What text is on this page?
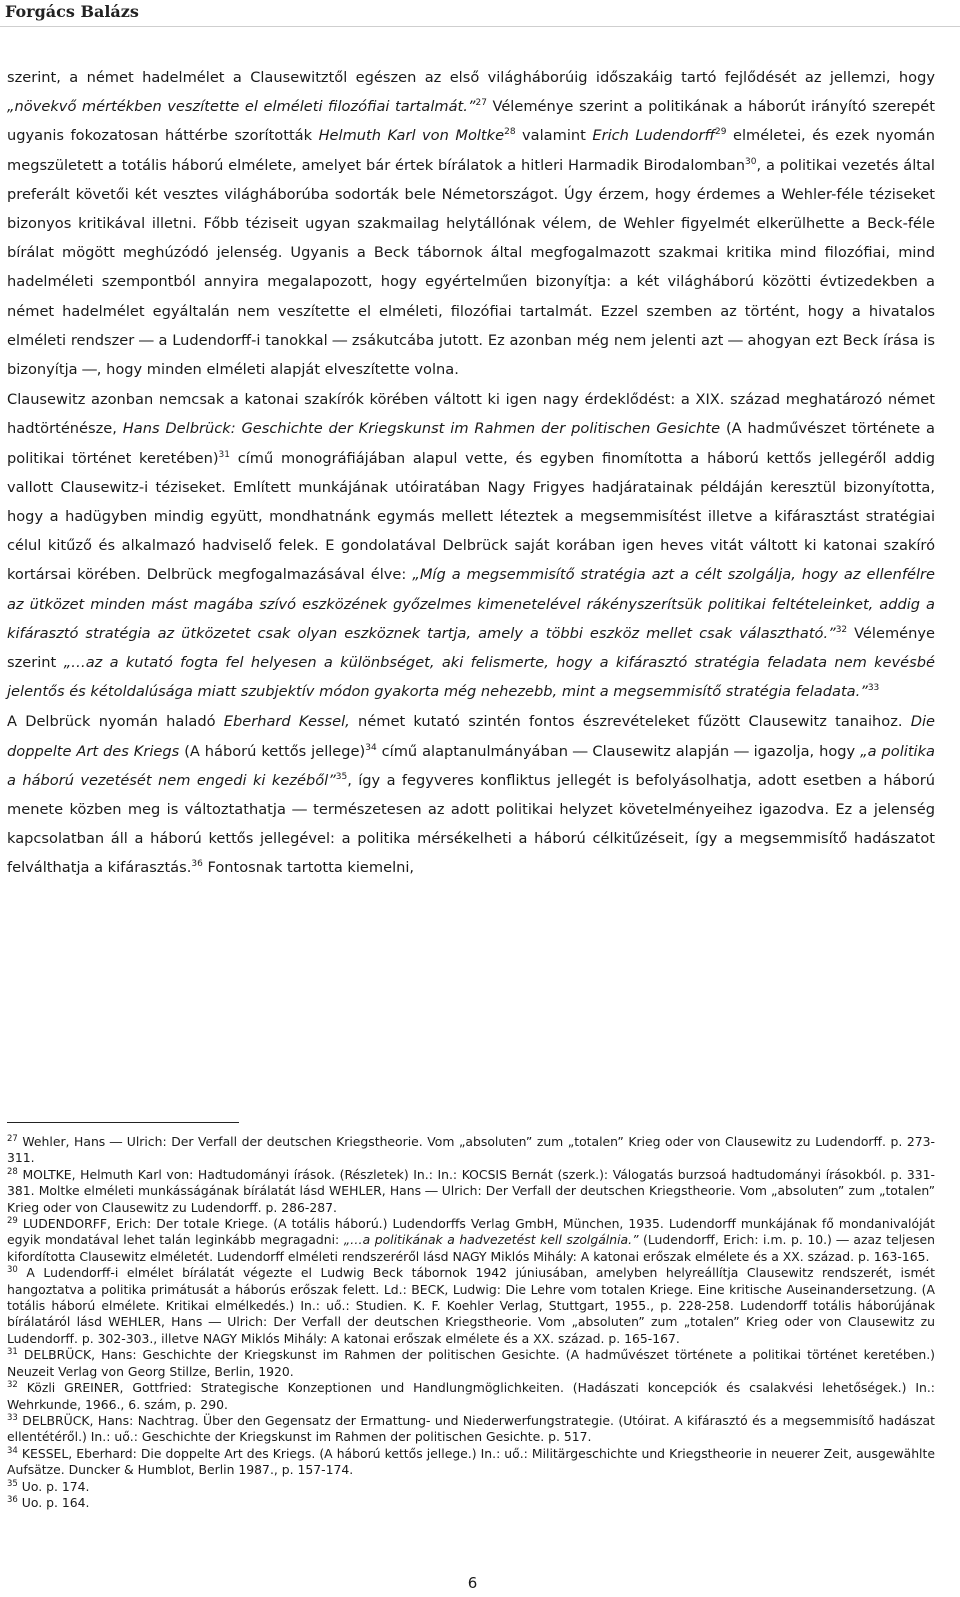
Forgács Balázs

szerint, a német hadelmélet a Clausewitztől egészen az első világháborúig időszakáig tartó fejlődését az jellemzi, hogy „növekvő mértékben veszítette el elméleti filozófiai tartalmát.”$^{27}$ Véleménye szerint a politikának a háborút irányító szerepét ugyanis fokozatosan háttérbe szorították Helmuth Karl von Moltke$^{28}$ valamint Erich Ludendorff$^{29}$ elméletei, és ezek nyomán megszületett a totális háború elmélete, amelyet bár értek bírálatok a hitleri Harmadik Birodalomban$^{30}$, a politikai vezetés által preferált követői két vesztes világháborúba sodorták bele Németországot. Úgy érzem, hogy érdemes a Wehler-féle téziseket bizonyos kritikával illetni. Főbb téziseit ugyan szakmailag helytállónak vélem, de Wehler figyelmét elkerülhette a Beck-féle bírálat mögött meghúzódó jelenség. Ugyanis a Beck tábornok által megfogalmazott szakmai kritika mind filozófiai, mind hadelméleti szempontból annyira megalapozott, hogy egyértelműen bizonyítja: a két világháború közötti évtizedekben a német hadelmélet egyáltalán nem veszítette el elméleti, filozófiai tartalmát. Ezzel szemben az történt, hogy a hivatalos elméleti rendszer ― a Ludendorff-i tanokkal ― zsákutcába jutott. Ez azonban még nem jelenti azt ― ahogyan ezt Beck írása is bizonyítja ―, hogy minden elméleti alapját elveszítette volna.

Clausewitz azonban nemcsak a katonai szakírók körében váltott ki igen nagy érdeklődést: a XIX. század meghatározó német hadtörténésze, Hans Delbrück: Geschichte der Kriegskunst im Rahmen der politischen Gesichte (A hadművészet története a politikai történet keretében)$^{31}$ című monográfiájában alapul vette, és egyben finomította a háború kettős jellegéről addig vallott Clausewitz-i téziseket. Említett munkájának utóiratában Nagy Frigyes hadjáratainak példáján keresztül bizonyította, hogy a hadügyben mindig együtt, mondhatnánk egymás mellett léteztek a megsemmisítést illetve a kifárasztást stratégiai célul kitűző és alkalmazó hadviselő felek. E gondolatával Delbrück saját korában igen heves vitát váltott ki katonai szakíró kortársai körében. Delbrück megfogalmazásával élve: „Míg a megsemmisítő stratégia azt a célt szolgálja, hogy az ellenfélre az ütközet minden mást magába szívó eszközének győzelmes kimenetelével rákényszerítsük politikai feltételeinket, addig a kifárasztó stratégia az ütközetet csak olyan eszköznek tartja, amely a többi eszköz mellet csak választható.”$^{32}$ Véleménye szerint „…az a kutató fogta fel helyesen a különbséget, aki felismerte, hogy a kifárasztó stratégia feladata nem kevésbé jelentős és kétoldalúsága miatt szubjektív módon gyakorta még nehezebb, mint a megsemmisítő stratégia feladata.”$^{33}$

A Delbrück nyomán haladó Eberhard Kessel, német kutató szintén fontos észrevételeket fűzött Clausewitz tanaihoz. Die doppelte Art des Kriegs (A háború kettős jellege)$^{34}$ című alaptanulmányában ― Clausewitz alapján ― igazolja, hogy „a politika a háború vezetését nem engedi ki kezéből”$^{35}$, így a fegyveres konfliktus jellegét is befolyásolhatja, adott esetben a háború menete közben meg is változtathatja ― természetesen az adott politikai helyzet követelményeihez igazodva. Ez a jelenség kapcsolatban áll a háború kettős jellegével: a politika mérsékelheti a háború célkitűzéseit, így a megsemmisítő hadászatot felválthatja a kifárasztás.$^{36}$ Fontosnak tartotta kiemelni,

$^{27}$ Wehler, Hans ― Ulrich: Der Verfall der deutschen Kriegstheorie. Vom „absoluten” zum „totalen” Krieg oder von Clausewitz zu Ludendorff. p. 273-311.
$^{28}$ MOLTKE, Helmuth Karl von: Hadtudományi írások. (Részletek) In.: In.: KOCSIS Bernát (szerk.): Válogatás burzsoá hadtudományi írásokból. p. 331-381. Moltke elméleti munkásságának bírálatát lásd WEHLER, Hans ― Ulrich: Der Verfall der deutschen Kriegstheorie. Vom „absoluten” zum „totalen” Krieg oder von Clausewitz zu Ludendorff. p. 286-287.
$^{29}$ LUDENDORFF, Erich: Der totale Kriege. (A totális háború.) Ludendorffs Verlag GmbH, München, 1935. Ludendorff munkájának fő mondanivalóját egyik mondatával lehet talán leginkább megragadni: „…a politikának a hadvezetést kell szolgálnia.” (Ludendorff, Erich: i.m. p. 10.) ― azaz teljesen kifordította Clausewitz elméletét. Ludendorff elméleti rendszeréről lásd NAGY Miklós Mihály: A katonai erőszak elmélete és a XX. század. p. 163-165.
$^{30}$ A Ludendorff-i elmélet bírálatát végezte el Ludwig Beck tábornok 1942 júniusában, amelyben helyreállítja Clausewitz rendszerét, ismét hangoztatva a politika primátusát a háborús erőszak felett. Ld.: BECK, Ludwig: Die Lehre vom totalen Kriege. Eine kritische Auseinandersetzung. (A totális háború elmélete. Kritikai elmélkedés.) In.: uő.: Studien. K. F. Koehler Verlag, Stuttgart, 1955., p. 228-258. Ludendorff totális háborújának bírálatáról lásd WEHLER, Hans ― Ulrich: Der Verfall der deutschen Kriegstheorie. Vom „absoluten” zum „totalen” Krieg oder von Clausewitz zu Ludendorff. p. 302-303., illetve NAGY Miklós Mihály: A katonai erőszak elmélete és a XX. század. p. 165-167.
$^{31}$ DELBRÜCK, Hans: Geschichte der Kriegskunst im Rahmen der politischen Gesichte. (A hadművészet története a politikai történet keretében.) Neuzeit Verlag von Georg Stillze, Berlin, 1920.
$^{32}$ Közli GREINER, Gottfried: Strategische Konzeptionen und Handlungmöglichkeiten. (Hadászati koncepciók és csalakvési lehetőségek.) In.: Wehrkunde, 1966., 6. szám, p. 290.
$^{33}$ DELBRÜCK, Hans: Nachtrag. Über den Gegensatz der Ermattung- und Niederwerfungstrategie. (Utóirat. A kifárasztó és a megsemmisítő hadászat ellentétéről.) In.: uő.: Geschichte der Kriegskunst im Rahmen der politischen Gesichte. p. 517.
$^{34}$ KESSEL, Eberhard: Die doppelte Art des Kriegs. (A háború kettős jellege.) In.: uő.: Militärgeschichte und Kriegstheorie in neuerer Zeit, ausgewählte Aufsätze. Duncker & Humblot, Berlin 1987., p. 157-174.
$^{35}$ Uo. p. 174.
$^{36}$ Uo. p. 164.
6
